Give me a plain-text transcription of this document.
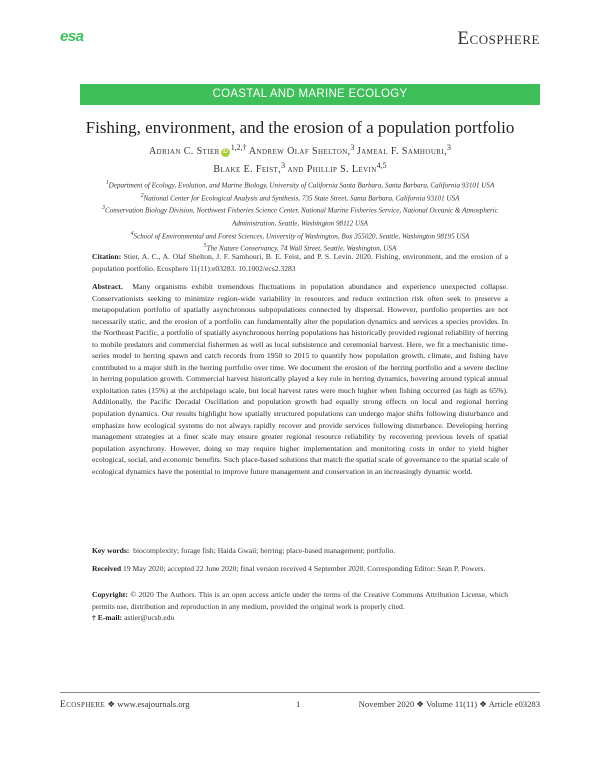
esa	Ecosphere
COASTAL AND MARINE ECOLOGY
Fishing, environment, and the erosion of a population portfolio
Adrian C. Stier $iD^{1,2,\dagger}$ Andrew Olaf Shelton,$^3$ Jameal F. Samhouri,$^3$
Blake E. Feist,$^3$ and Phillip S. Levin$^{4,5}$
$^1$Department of Ecology, Evolution, and Marine Biology, University of California Santa Barbara, Santa Barbara, California 93101 USA
$^2$National Center for Ecological Analysis and Synthesis, 735 State Street, Santa Barbara, California 93101 USA
$^3$Conservation Biology Division, Northwest Fisheries Science Center, National Marine Fisheries Service, National Oceanic & Atmospheric
Administration, Seattle, Washington 98112 USA
$^4$School of Environmental and Forest Sciences, University of Washington, Box 355020, Seattle, Washington 98195 USA
$^5$The Nature Conservancy, 74 Wall Street, Seattle, Washington, USA
Citation: Stier, A. C., A. Olaf Shelton, J. F. Samhouri, B. E. Feist, and P. S. Levin. 2020. Fishing, environment, and the erosion of a population portfolio. Ecosphere 11(11):e03283. 10.1002/ecs2.3283
Abstract. Many organisms exhibit tremendous fluctuations in population abundance and experience unexpected collapse. Conservationists seeking to minimize region-wide variability in resources and reduce extinction risk often seek to preserve a metapopulation portfolio of spatially asynchronous subpopulations connected by dispersal. However, portfolio properties are not necessarily static, and the erosion of a portfolio can fundamentally alter the population dynamics and services a species provides. In the Northeast Pacific, a portfolio of spatially asynchronous herring populations has historically provided regional reliability of herring to mobile predators and commercial fishermen as well as local subsistence and ceremonial harvest. Here, we fit a mechanistic time-series model to herring spawn and catch records from 1950 to 2015 to quantify how population growth, climate, and fishing have contributed to a major shift in the herring portfolio over time. We document the erosion of the herring portfolio and a severe decline in herring population growth. Commercial harvest historically played a key role in herring dynamics, hovering around typical annual exploitation rates (15%) at the archipelago scale, but local harvest rates were much higher when fishing occurred (as high as 65%). Additionally, the Pacific Decadal Oscillation and population growth had equally strong effects on local and regional herring population dynamics. Our results highlight how spatially structured populations can undergo major shifts following disturbance and emphasize how ecological systems do not always rapidly recover and provide services following disturbance. Developing herring management strategies at a finer scale may ensure greater regional resource reliability by recovering previous levels of spatial population asynchrony. However, doing so may require higher implementation and monitoring costs in order to yield higher ecological, social, and economic benefits. Such place-based solutions that match the spatial scale of governance to the spatial scale of ecological dynamics have the potential to improve future management and conservation in an increasingly dynamic world.
Key words: biocomplexity; forage fish; Haida Gwaii; herring; place-based management; portfolio.
Received 19 May 2020; accepted 22 June 2020; final version received 4 September 2020. Corresponding Editor: Sean P. Powers.
Copyright: © 2020 The Authors. This is an open access article under the terms of the Creative Commons Attribution License, which permits use, distribution and reproduction in any medium, provided the original work is properly cited.
† E-mail: astier@ucsb.edu
Ecosphere ❖ www.esajournals.org	1	November 2020 ❖ Volume 11(11) ❖ Article e03283
